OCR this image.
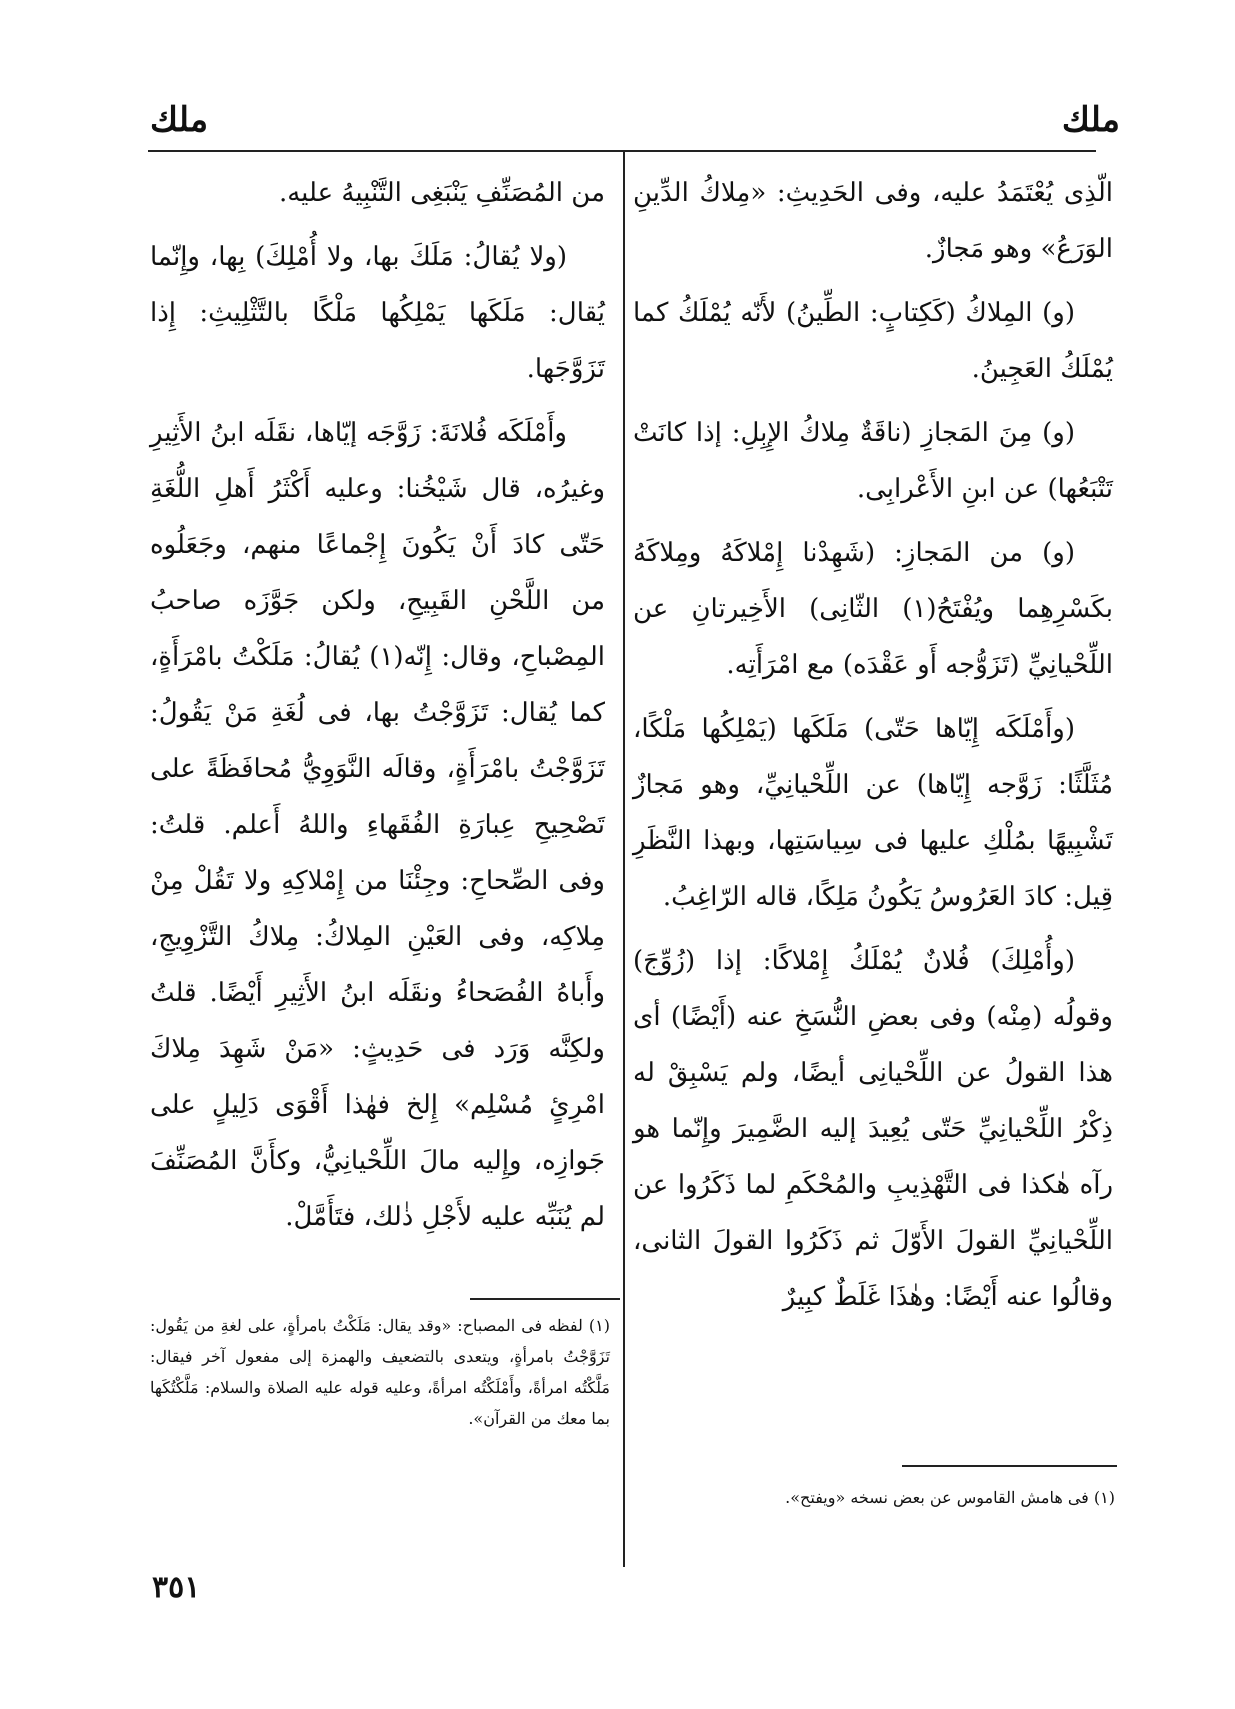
ملك
ملك

الّذِى يُعْتَمَدُ عليه، وفى الحَدِيثِ: «مِلاكُ الدِّينِ الوَرَعُ» وهو مَجازٌ.

(و) المِلاكُ (كَكِتابٍ: الطِّينُ) لأَنّه يُمْلَكُ كما يُمْلَكُ العَجِينُ.

(و) مِنَ المَجازِ (ناقَةٌ مِلاكُ الإِبِلِ: إذا كانَتْ تَتْبَعُها) عن ابنِ الأَعْرابِى.

(و) من المَجازِ: (شَهِدْنا إِمْلاكَهُ ومِلاكَهُ بكَسْرِهِما ويُفْتَحُ(١) الثّانِى) الأَخِيرتانِ عن اللِّحْيانِيِّ (تَزَوُّجه أَو عَقْدَه) مع امْرَأَتِه.

(وأَمْلَكَه إِيّاها حَتّى) مَلَكَها (يَمْلِكُها مَلْكًا، مُثَلَّثًا: زَوَّجه إِيّاها) عن اللِّحْيانِيِّ، وهو مَجازٌ تَشْبِيهًا بمُلْكِ عليها فى سِياسَتِها، وبهذا النَّظَرِ قِيل: كادَ العَرُوسُ يَكُونُ مَلِكًا، قاله الرّاغِبُ.

(وأُمْلِكَ) فُلانٌ يُمْلَكُ إِمْلاكًا: إذا (زُوِّجَ) وقولُه (مِنْه) وفى بعضِ النُّسَخِ عنه (أَيْضًا) أى هذا القولُ عن اللِّحْيانِى أيضًا، ولم يَسْبِقْ له ذِكْرُ اللِّحْيانِيِّ حَتّى يُعِيدَ إليه الضَّمِيرَ وإِنّما هو رآه هٰكذا فى التَّهْذِيبِ والمُحْكَمِ لما ذَكَرُوا عن اللِّحْيانِيِّ القولَ الأَوّلَ ثم ذَكَرُوا القولَ الثانى، وقالُوا عنه أَيْضًا: وهٰذَا غَلَطٌ كبِيرٌ

من المُصَنِّفِ يَنْبَغِى التَّنْبِيهُ عليه.

(ولا يُقالُ: مَلَكَ بها، ولا أُمْلِكَ) بِها، وإِنّما يُقال: مَلَكَها يَمْلِكُها مَلْكًا بالتَّثْلِيثِ: إِذا تَزَوَّجَها.

وأَمْلَكَه فُلانَةَ: زَوَّجَه إيّاها، نقَلَه ابنُ الأَثِيرِ وغيرُه، قال شَيْخُنا: وعليه أَكْثَرُ أَهلِ اللُّغَةِ حَتّى كادَ أَنْ يَكُونَ إِجْماعًا منهم، وجَعَلُوه من اللَّحْنِ القَبِيحِ، ولكن جَوَّزَه صاحبُ المِصْباحِ، وقال: إِنّه(١) يُقالُ: مَلَكْتُ بامْرَأَةٍ، كما يُقال: تَزَوَّجْتُ بها، فى لُغَةِ مَنْ يَقُولُ: تَزَوَّجْتُ بامْرَأَةٍ، وقالَه النَّوَوِيُّ مُحافَظَةً على تَصْحِيحِ عِبارَةِ الفُقَهاءِ واللهُ أَعلم. قلتُ: وفى الصِّحاحِ: وجِئْنَا من إِمْلاكِهِ ولا تَقُلْ مِنْ مِلاكِه، وفى العَيْنِ المِلاكُ: مِلاكُ التَّزْوِيجِ، وأَباهُ الفُصَحاءُ ونقَلَه ابنُ الأَثِيرِ أَيْضًا. قلتُ ولكِنَّه وَرَد فى حَدِيثٍ: «مَنْ شَهِدَ مِلاكَ امْرِئٍ مُسْلِم» إِلخ فهٰذا أَقْوَى دَلِيلٍ على جَوازِه، وإِليه مالَ اللِّحْيانِيُّ، وكأَنَّ المُصَنِّفَ لم يُنَبِّه عليه لأَجْلِ ذٰلك، فتَأَمَّلْ.

(١) فى هامش القاموس عن بعض نسخه «ويفتح».
(١) لفظه فى المصباح: «وقد يقال: مَلَكْتُ بامرأةٍ، على لغةِ من يَقُول: تَزَوَّجْتُ بامرأةٍ، ويتعدى بالتضعيف والهمزة إلى مفعول آخر فيقال: مَلَّكْتُه امرأةً، وأَمْلَكْتُه امرأةً، وعليه قوله عليه الصلاة والسلام: مَلَّكْتُكَها بما معك من القرآن».
٣٥١
